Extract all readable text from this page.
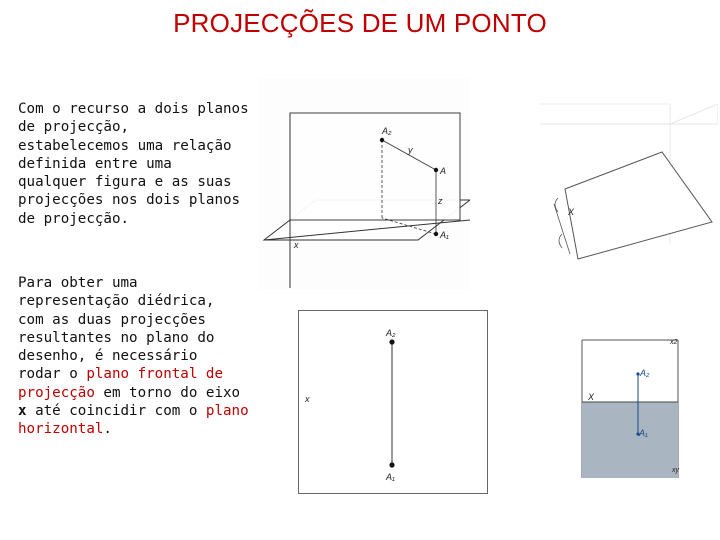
PROJECÇÕES DE UM PONTO
Com o recurso a dois planos
de projecção,
estabelecemos uma relação
definida entre uma
qualquer figura e as suas
projecções nos dois planos
de projecção.
Para obter uma
representação diédrica,
com as duas projecções
resultantes no plano do
desenho, é necessário
rodar o plano frontal de
projecção em torno do eixo
x até coincidir com o plano
horizontal.
A₂
y
A
z
A₁
x
X
A₂
x
A₁
x2
A₂
X
A₁
xy
